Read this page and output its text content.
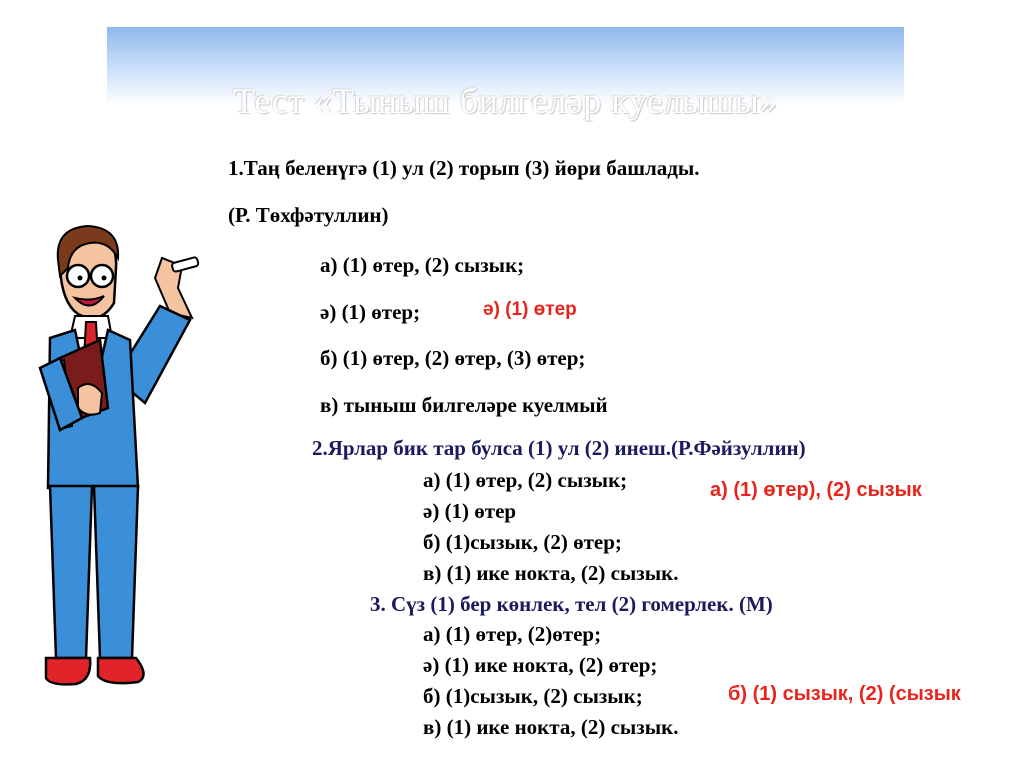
Тест «Тыныш билгеләр куелышы»
1.Таң беленүгә (1) ул (2) торып (3) йөри башлады.
(Р. Төхфәтуллин)
а) (1) өтер, (2) сызык;
ә) (1) өтер;	ә) (1) өтер
б) (1) өтер, (2) өтер, (3) өтер;
в) тыныш билгеләре куелмый
2.Ярлар бик тар булса (1) ул (2) инеш.(Р.Фәйзуллин)
а) (1) өтер, (2) сызык;	а) (1) өтер), (2) сызык
ә) (1) өтер
б) (1)сызык, (2) өтер;
в) (1) ике нокта, (2) сызык.
3. Сүз (1) бер көнлек, тел (2) гомерлек. (М)
а) (1) өтер, (2)өтер;
ә) (1) ике нокта, (2) өтер;
б) (1)сызык, (2) сызык;	б) (1) сызык, (2) (сызык
в) (1) ике нокта, (2) сызык.
